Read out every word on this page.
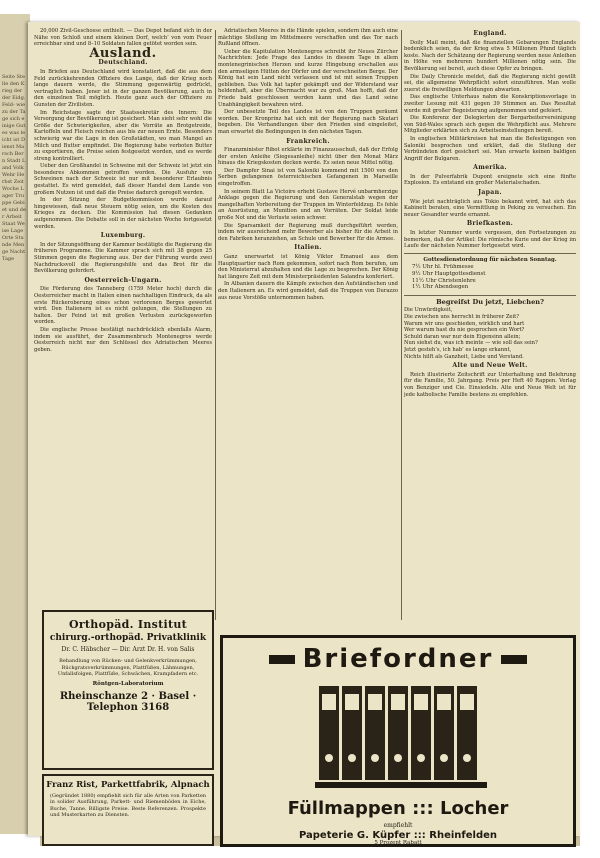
Seite Stelle den Krieg der der Eidg. Feld- wie zu der Tage sich einige Gutes was leicht ist Dienst Marsch Bern Stadt Land Volk Wehr Herbst Zeit Woche Lager Truppe Gebiet und der Arbeit Staat Weise Lage Orte Stunde Menge Nacht Tage

20,000 Zivil-Geschosse enthielt. — Das Depot befand sich in der Nähe von Schloß und einem kleinen Dorf, welch’ von vom Feuer erreichbar sind und 8–10 Soldaten fallen getötet worden sein.

Ausland.
Deutschland.

In Briefen aus Deutschland wird konstatiert, daß die aus dem Feld zurückkehrenden Offiziere des Lange, daß der Krieg noch lange dauern werde, die Stimmung gegenwärtig gedrückt, vertraglich haben. Jener ist in der ganzen Bevölkerung, auch in den einzelnen Teil möglich. Heute ganz auch der Offiziere zu Gunsten der Zivilisten.

Im Reichstage sagte der Staatssekretär des Innern: Die Versorgung der Bevölkerung ist gesichert. Man sieht sehr wohl die Größe der Schwierigkeiten, aber die Vorräte an Brotgetreide, Kartoffeln und Fleisch reichen aus bis zur neuen Ernte. Besonders schwierig war die Lage in den Großstädten, wo man Mangel an Milch und Butter empfindet. Die Regierung habe verboten Butter zu exportieren, die Preise seien festgesetzt worden, und es werde streng kontrolliert.

Ueber den Großhandel in Schweine mit der Schweiz ist jetzt ein besonderes Abkommen getroffen worden. Die Ausfuhr von Schweinen nach der Schweiz ist nur mit besonderer Erlaubnis gestattet. Es wird gemeldet, daß dieser Handel dem Lande von großem Nutzen ist und daß die Preise dadurch geregelt werden.

In der Sitzung der Budgetkommission wurde darauf hingewiesen, daß neue Steuern nötig seien, um die Kosten des Krieges zu decken. Die Kommission hat diesen Gedanken aufgenommen. Die Debatte soll in der nächsten Woche fortgesetzt werden.

Luxemburg.

In der Sitzungsöffnung der Kammer bestätigte die Regierung die früheren Programme. Die Kammer sprach sich mit 38 gegen 25 Stimmen gegen die Regierung aus. Der der Führung wurde zwei Nachdrucksvoll die Regierungshilfe und das Brot für die Bevölkerung gefordert.

Oesterreich-Ungarn.

Die Förderung des Tanneberg (1759 Meter hoch) durch die Oesterreicher macht in Italien einen nachhaltigen Eindruck, da als erste Rückeroberung eines schon verlorenen Berges gewertet wird. Den Italienern ist es nicht gelungen, die Stellungen zu halten. Der Feind ist mit großen Verlusten zurückgeworfen worden.

Die englische Presse bestätigt nachdrücklich ebenfalls Alarm, indem sie ausführt, der Zusammenbruch Montenegros werde Oesterreich nicht nur den Schlüssel des Adriatischen Meeres geben.

Adriatischen Meeres in die Hände spielen, sondern ihm auch eine mächtige Stellung im Mittelmeere verschaffen und das Tor nach Rußland öffnen.

Ueber die Kapitulation Montenegros schreibt ihr Neues Zürcher Nachrichten: Jede Frage des Landes in diesem Tage in allem montenegrinischen Herzen und kurze Hingebung erschallen aus den armseligen Hütten der Dörfer und der verschneiten Berge. Der König hat sein Land nicht verlassen und ist mit seinen Truppen geblieben. Das Volk hat tapfer gekämpft und der Widerstand war heldenhaft, aber die Übermacht war zu groß. Man hofft, daß der Friede bald geschlossen werden kann und das Land seine Unabhängigkeit bewahren wird.

Der unbesetzte Teil des Landes ist von den Truppen geräumt worden. Der Kronprinz hat sich mit der Regierung nach Skutari begeben. Die Verhandlungen über den Frieden sind eingeleitet, man erwartet die Bedingungen in den nächsten Tagen.

Frankreich.

Finanzminister Ribot erklärte im Finanzausschuß, daß der Erfolg der ersten Anleihe (Siegesanleihe) nicht über den Monat März hinaus die Kriegskosten decken werde. Es seien neue Mittel nötig.

Der Dampfer Sinai ist von Saloniki kommend mit 1500 von den Serben gefangenen österreichischen Gefangenen in Marseille eingetroffen.

In seinem Blatt La Victoire erhebt Gustave Hervé unbarmherzige Anklage gegen die Regierung und den Generalstab wegen der mangelhaften Vorbereitung der Truppen im Winterfeldzug. Es fehle an Ausrüstung, an Munition und an Vorräten. Der Soldat leide große Not und die Verluste seien schwer.

Die Sparsamkeit der Regierung muß durchgeführt werden, indem wir ausreichend mehr Bewerber als bisher für die Arbeit in den Fabriken heranziehen, an Schule und Bewerber für die Armee.

Italien.

Ganz unerwartet ist König Viktor Emanuel aus dem Hauptquartier nach Rom gekommen, sofort nach Rom berufen, um den Ministerrat abzuhalten und die Lage zu besprechen. Der König hat längere Zeit mit dem Ministerpräsidenten Salandra konferiert.

In Albanien dauern die Kämpfe zwischen den Aufständischen und den Italienern an. Es wird gemeldet, daß die Truppen von Durazzo aus neue Vorstöße unternommen haben.

England.

Doily Mail meint, daß die finanziellen Gebarungen Englands bedenklich seien, da der Krieg etwa 5 Millionen Pfund täglich koste. Nach der Schätzung der Regierung werden neue Anleihen in Höhe von mehreren hundert Millionen nötig sein. Die Bevölkerung sei bereit, auch diese Opfer zu bringen.

Die Daily Chronicle meldet, daß die Regierung nicht gewillt sei, die allgemeine Wehrpflicht sofort einzuführen. Man wolle zuerst die freiwilligen Meldungen abwarten.

Das englische Unterhaus nahm die Konskriptionsvorlage in zweiter Lesung mit 431 gegen 39 Stimmen an. Das Resultat wurde mit großer Begeisterung aufgenommen und gefeiert.

Die Konferenz der Delegierten der Bergarbeitervereinigung von Süd-Wales sprach sich gegen die Wehrpflicht aus. Mehrere Mitglieder erklärten sich zu Arbeitseinstellungen bereit.

In englischen Militärkreisen hat man die Befestigungen von Saloniki besprochen und erklärt, daß die Stellung der Verbündeten dort gesichert sei. Man erwarte keinen baldigen Angriff der Bulgaren.

Amerika.

In der Pulverfabrik Dupont ereignete sich eine fünfte Explosion. Es entstand ein großer Materialschaden.

Japan.

Wie jetzt nachträglich aus Tokio bekannt wird, hat sich das Kabinett beraten, eine Vermittlung in Peking zu versuchen. Ein neuer Gesandter wurde ernannt.

Briefkasten.

In letzter Nummer wurde vergessen, den Fortsetzungen zu bemerken, daß der Artikel: Die römische Kurie und der Krieg im Laufe der nächsten Nummer fortgesetzt wird.

Gottesdienstordnung für nächsten Sonntag.

7½ Uhr hl. Frühmesse

9½ Uhr Hauptgottesdienst

11½ Uhr Christenlehre

1½ Uhr Abendsegen

Begreifst Du jetzt, Liebchen?

Die Unwürdigkeit,

Die zwischen uns herrscht in früherer Zeit?

Warum wir uns geschieden, wirklich und hart

Wer warum hast du nie gesprochen ein Wort?

Schuld daran war nur dein Eigensinn allein;

Nun siehst du, was ich meinte — wie soll das sein?

Jetzt gesteh’s, ich hab’ es lange erkannt,

Nichts hilft als Ganzheit, Liebe und Verstand.

Alte und Neue Welt.

Reich illustrierte Zeitschrift zur Unterhaltung und Belehrung für die Familie, 50. Jahrgang. Preis per Heft 40 Rappen. Verlag von Benziger und Cie. Einsiedeln. Alte und Neue Welt ist für jede katholische Familie bestens zu empfehlen.

Orthopäd. Institut
chirurg.-orthopäd. Privatklinik
Dr. C. Häbscher — Dir. Arzt Dr. H. von Salis
Behandlung von Rücken- und Gelenkverkrümmungen, Rückgratsverkrümmungen, Plattfüßen, Lähmungen, Unfallsfolgen, Plattfüße, Schwächen, Krampfadern etc.
Röntgen-Laboratorium
Rheinschanze 2 · Basel · Telephon 3168
Franz Rist, Parkettfabrik, Alpnach
(Gegründet 1880) empfiehlt sich für alle Arten von Parketten in solider Ausführung, Parkett- und Riemenböden in Eiche, Buche, Tanne. Billigste Preise. Beste Referenzen. Prospekte und Musterkarten zu Diensten.
Briefordner
Füllmappen ::: Locher
empfiehlt
Papeterie G. Küpfer ::: Rheinfelden
5 Prozent Rabatt
